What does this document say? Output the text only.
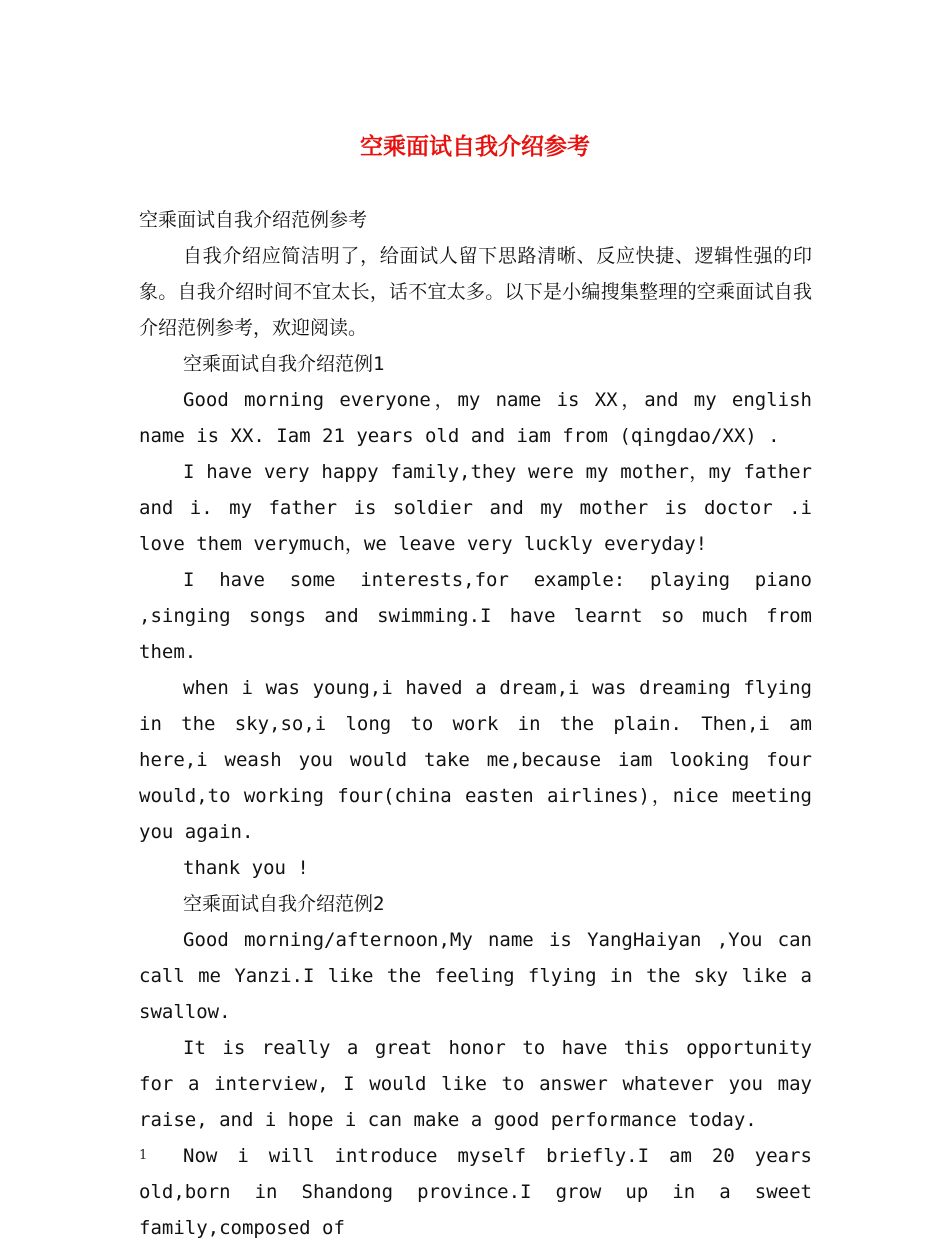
空乘面试自我介绍参考

空乘面试自我介绍范例参考

自我介绍应简洁明了，给面试人留下思路清晰、反应快捷、逻辑性强的印象。自我介绍时间不宜太长，话不宜太多。以下是小编搜集整理的空乘面试自我介绍范例参考，欢迎阅读。

空乘面试自我介绍范例1

Good morning everyone，my name is XX，and my english name is XX. Iam 21 years old and iam from (qingdao/XX) .

I have very happy family,they were my mother，my father and i. my father is soldier and my mother is doctor .i love them verymuch，we leave very luckly everyday!

I have some interests,for example: playing piano ,singing songs and swimming.I have learnt so much from them.

when i was young,i haved a dream,i was dreaming flying in the sky,so,i long to work in the plain. Then,i am here,i weash you would take me,because iam looking four would,to working four(china easten airlines)，nice meeting you again.

thank you !

空乘面试自我介绍范例2

Good morning/afternoon,My name is YangHaiyan ,You can call me Yanzi.I like the feeling flying in the sky like a swallow.

It is really a great honor to have this opportunity for a interview, I would like to answer whatever you may raise, and i hope i can make a good performance today.

Now i will introduce myself briefly.I am 20 years old,born in Shandong province.I grow up in a sweet family,composed of

1
